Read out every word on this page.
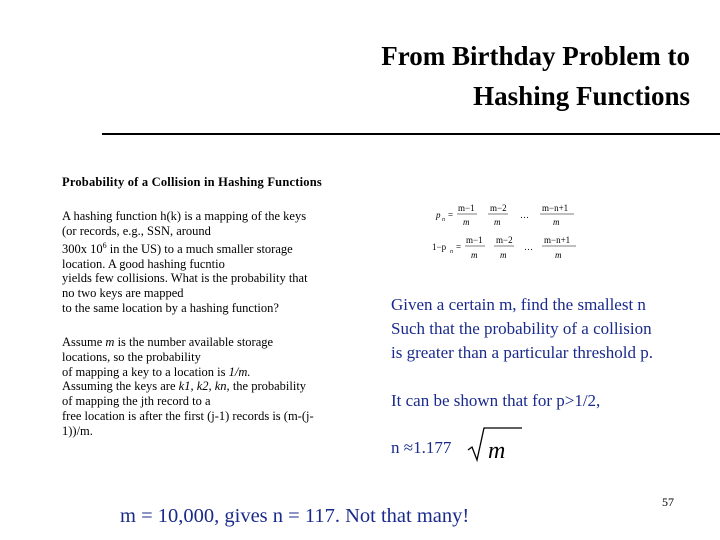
From Birthday Problem to
Hashing Functions
Probability of a Collision in Hashing Functions
A hashing function h(k) is a mapping of the keys
(or records, e.g., SSN, around
300x $10^6$ in the US) to a much smaller storage
location. A good hashing fucntio
yields few collisions. What is the probability that
no two keys are mapped
to the same location by a hashing function?
Assume m is the number available storage
locations, so the probability
of mapping a key to a location is 1/m.
Assuming the keys are k1, k2, kn, the probability
of mapping the jth record to a
free location is after the first (j-1) records is (m-(j-
1))/m.
p n =
m−1
m
m−2
m
…
m−n+1
m
1−p n =
m−1
m
m−2
m
…
m−n+1
m
Given a certain m, find the smallest n
Such that the probability of a collision
is greater than a particular threshold p.
It can be shown that for p>1/2,
n ≈1.177 m
m = 10,000, gives n = 117. Not that many!
57
